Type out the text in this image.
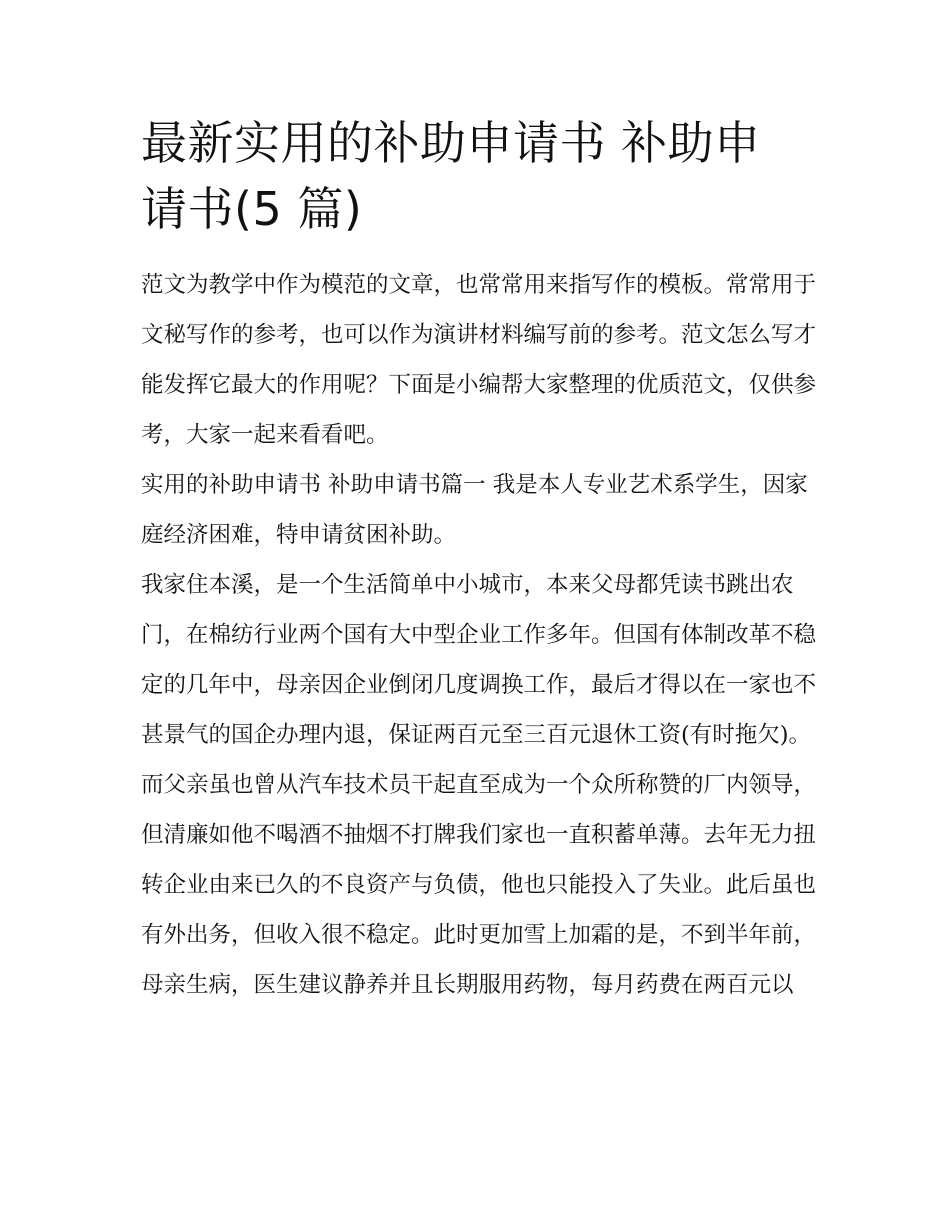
最新实用的补助申请书 补助申
请书(5 篇)

范文为教学中作为模范的文章，也常常用来指写作的模板。常常用于文秘写作的参考，也可以作为演讲材料编写前的参考。范文怎么写才能发挥它最大的作用呢？下面是小编帮大家整理的优质范文，仅供参考，大家一起来看看吧。

实用的补助申请书 补助申请书篇一 我是本人专业艺术系学生，因家庭经济困难，特申请贫困补助。

我家住本溪，是一个生活简单中小城市，本来父母都凭读书跳出农门，在棉纺行业两个国有大中型企业工作多年。但国有体制改革不稳定的几年中，母亲因企业倒闭几度调换工作，最后才得以在一家也不甚景气的国企办理内退，保证两百元至三百元退休工资(有时拖欠)。而父亲虽也曾从汽车技术员干起直至成为一个众所称赞的厂内领导，但清廉如他不喝酒不抽烟不打牌我们家也一直积蓄单薄。去年无力扭转企业由来已久的不良资产与负债，他也只能投入了失业。此后虽也有外出务，但收入很不稳定。此时更加雪上加霜的是，不到半年前，母亲生病，医生建议静养并且长期服用药物，每月药费在两百元以
